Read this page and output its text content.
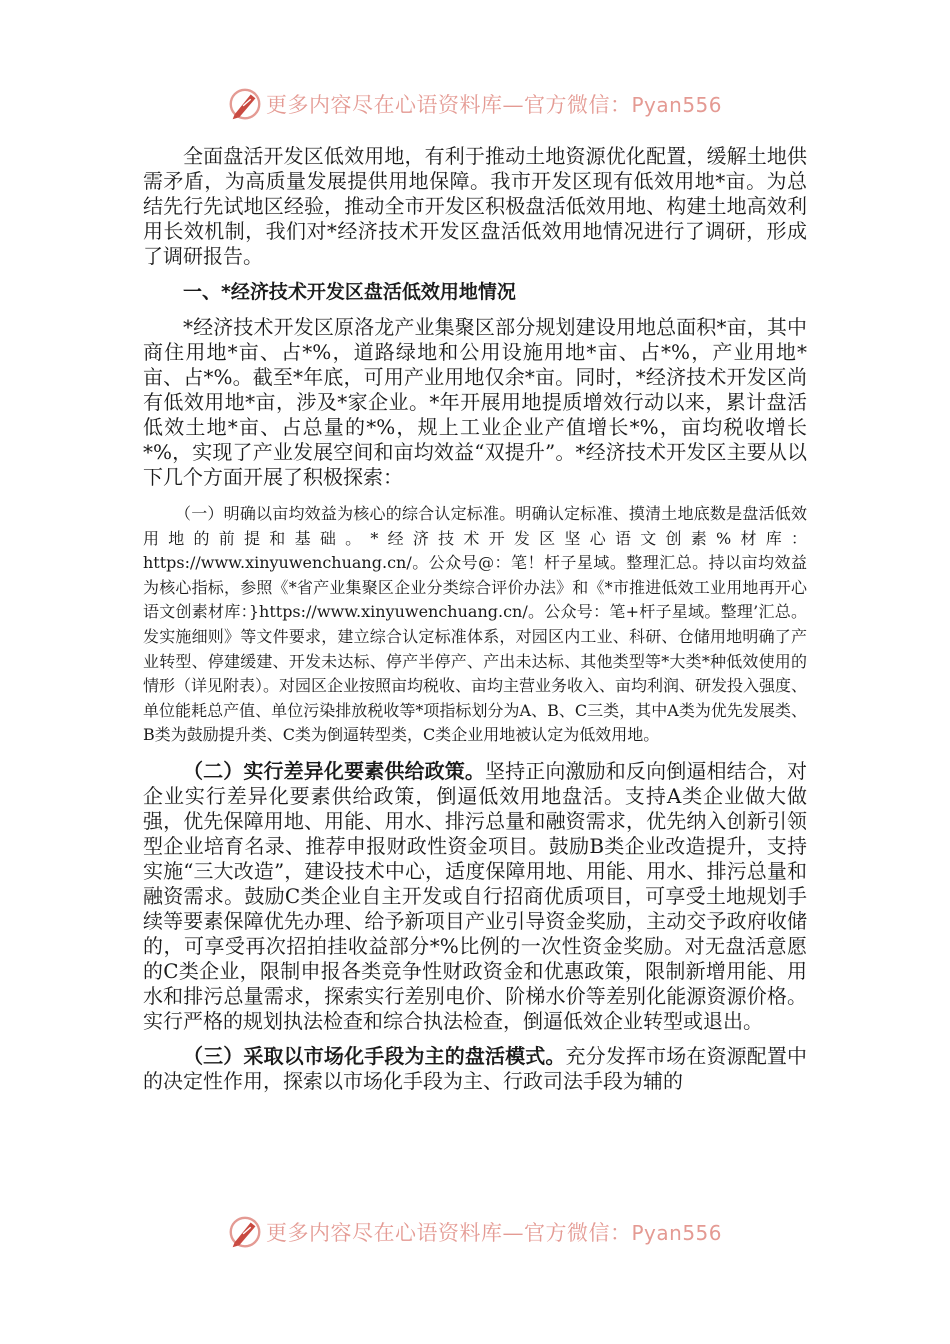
更多内容尽在心语资料库—官方微信：Pyan556

全面盘活开发区低效用地，有利于推动土地资源优化配置，缓解土地供需矛盾，为高质量发展提供用地保障。我市开发区现有低效用地*亩。为总结先行先试地区经验，推动全市开发区积极盘活低效用地、构建土地高效利用长效机制，我们对*经济技术开发区盘活低效用地情况进行了调研，形成了调研报告。

一、*经济技术开发区盘活低效用地情况

*经济技术开发区原洛龙产业集聚区部分规划建设用地总面积*亩，其中商住用地*亩、占*%，道路绿地和公用设施用地*亩、占*%，产业用地*亩、占*%。截至*年底，可用产业用地仅余*亩。同时，*经济技术开发区尚有低效用地*亩，涉及*家企业。*年开展用地提质增效行动以来，累计盘活低效土地*亩、占总量的*%，规上工业企业产值增长*%，亩均税收增长*%，实现了产业发展空间和亩均效益“双提升”。*经济技术开发区主要从以下几个方面开展了积极探索：

（一）明确以亩均效益为核心的综合认定标准。明确认定标准、摸清土地底数是盘活低效用地的前提和基础。*经济技术开发区坚心语文创素%材库：https://www.xinyuwenchuang.cn/。公众号@：笔！杆子星域。整理汇总。持以亩均效益为核心指标，参照《*省产业集聚区企业分类综合评价办法》和《*市推进低效工业用地再开心语文创素材库：}https://www.xinyuwenchuang.cn/。公众号：笔+杆子星域。整理’汇总。发实施细则》等文件要求，建立综合认定标准体系，对园区内工业、科研、仓储用地明确了产业转型、停建缓建、开发未达标、停产半停产、产出未达标、其他类型等*大类*种低效使用的情形（详见附表）。对园区企业按照亩均税收、亩均主营业务收入、亩均利润、研发投入强度、单位能耗总产值、单位污染排放税收等*项指标划分为A、B、C三类，其中A类为优先发展类、B类为鼓励提升类、C类为倒逼转型类，C类企业用地被认定为低效用地。

（二）实行差异化要素供给政策。坚持正向激励和反向倒逼相结合，对企业实行差异化要素供给政策，倒逼低效用地盘活。支持A类企业做大做强，优先保障用地、用能、用水、排污总量和融资需求，优先纳入创新引领型企业培育名录、推荐申报财政性资金项目。鼓励B类企业改造提升，支持实施“三大改造”，建设技术中心，适度保障用地、用能、用水、排污总量和融资需求。鼓励C类企业自主开发或自行招商优质项目，可享受土地规划手续等要素保障优先办理、给予新项目产业引导资金奖励，主动交予政府收储的，可享受再次招拍挂收益部分*%比例的一次性资金奖励。对无盘活意愿的C类企业，限制申报各类竞争性财政资金和优惠政策，限制新增用能、用水和排污总量需求，探索实行差别电价、阶梯水价等差别化能源资源价格。实行严格的规划执法检查和综合执法检查，倒逼低效企业转型或退出。

（三）采取以市场化手段为主的盘活模式。充分发挥市场在资源配置中的决定性作用，探索以市场化手段为主、行政司法手段为辅的

更多内容尽在心语资料库—官方微信：Pyan556
